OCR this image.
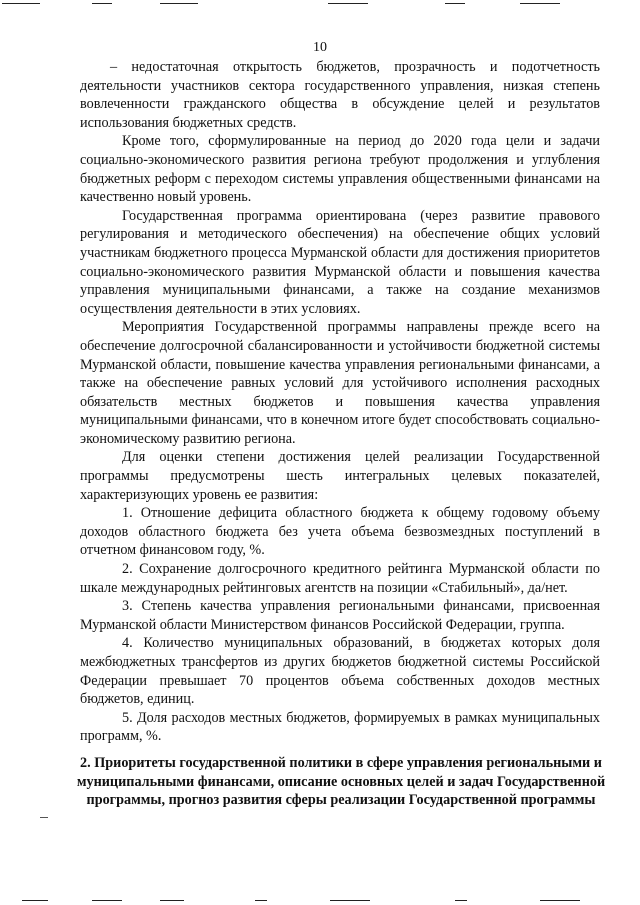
10

– недостаточная открытость бюджетов, прозрачность и подотчетность деятельности участников сектора государственного управления, низкая степень вовлеченности гражданского общества в обсуждение целей и результатов использования бюджетных средств.

Кроме того, сформулированные на период до 2020 года цели и задачи социально-экономического развития региона требуют продолжения и углубления бюджетных реформ с переходом системы управления общественными финансами на качественно новый уровень.

Государственная программа ориентирована (через развитие правового регулирования и методического обеспечения) на обеспечение общих условий участникам бюджетного процесса Мурманской области для достижения приоритетов социально-экономического развития Мурманской области и повышения качества управления муниципальными финансами, а также на создание механизмов осуществления деятельности в этих условиях.

Мероприятия Государственной программы направлены прежде всего на обеспечение долгосрочной сбалансированности и устойчивости бюджетной системы Мурманской области, повышение качества управления региональными финансами, а также на обеспечение равных условий для устойчивого исполнения расходных обязательств местных бюджетов и повышения качества управления муниципальными финансами, что в конечном итоге будет способствовать социально-экономическому развитию региона.

Для оценки степени достижения целей реализации Государственной программы предусмотрены шесть интегральных целевых показателей, характеризующих уровень ее развития:

1. Отношение дефицита областного бюджета к общему годовому объему доходов областного бюджета без учета объема безвозмездных поступлений в отчетном финансовом году, %.

2. Сохранение долгосрочного кредитного рейтинга Мурманской области по шкале международных рейтинговых агентств на позиции «Стабильный», да/нет.

3. Степень качества управления региональными финансами, присвоенная Мурманской области Министерством финансов Российской Федерации, группа.

4. Количество муниципальных образований, в бюджетах которых доля межбюджетных трансфертов из других бюджетов бюджетной системы Российской Федерации превышает 70 процентов объема собственных доходов местных бюджетов, единиц.

5. Доля расходов местных бюджетов, формируемых в рамках муниципальных программ, %.

2. Приоритеты государственной политики в сфере управления региональными и муниципальными финансами, описание основных целей и задач Государственной программы, прогноз развития сферы реализации Государственной программы
